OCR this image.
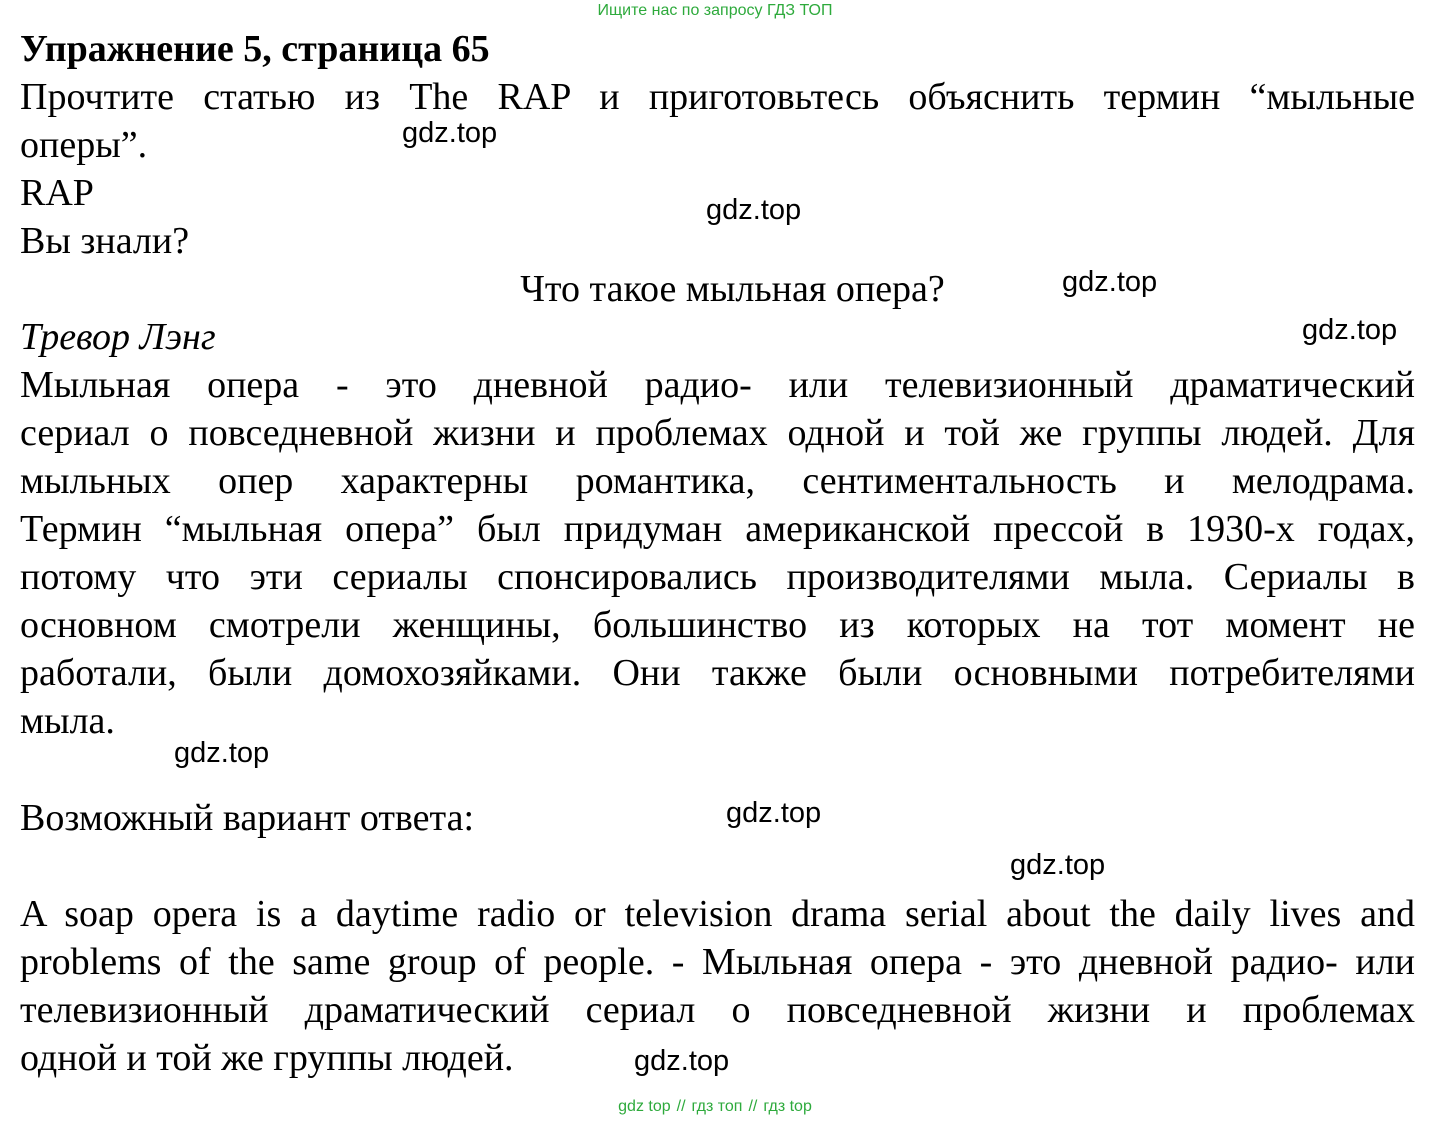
Ищите нас по запросу ГДЗ ТОП
Упражнение 5, страница 65
Прочтите статью из The RAP и приготовьтесь объяснить термин “мыльные
оперы”.
RAP
Вы знали?
Что такое мыльная опера?
Тревор Лэнг
Мыльная опера - это дневной радио- или телевизионный драматический
сериал о повседневной жизни и проблемах одной и той же группы людей. Для
мыльных опер характерны романтика, сентиментальность и мелодрама.
Термин “мыльная опера” был придуман американской прессой в 1930-х годах,
потому что эти сериалы спонсировались производителями мыла. Сериалы в
основном смотрели женщины, большинство из которых на тот момент не
работали, были домохозяйками. Они также были основными потребителями
мыла.
Возможный вариант ответа:
A soap opera is a daytime radio or television drama serial about the daily lives and
problems of the same group of people. - Мыльная опера - это дневной радио- или
телевизионный драматический сериал о повседневной жизни и проблемах
одной и той же группы людей.
gdz.top
gdz.top
gdz.top
gdz.top
gdz.top
gdz.top
gdz.top
gdz.top
gdz top // гдз топ // гдз top
